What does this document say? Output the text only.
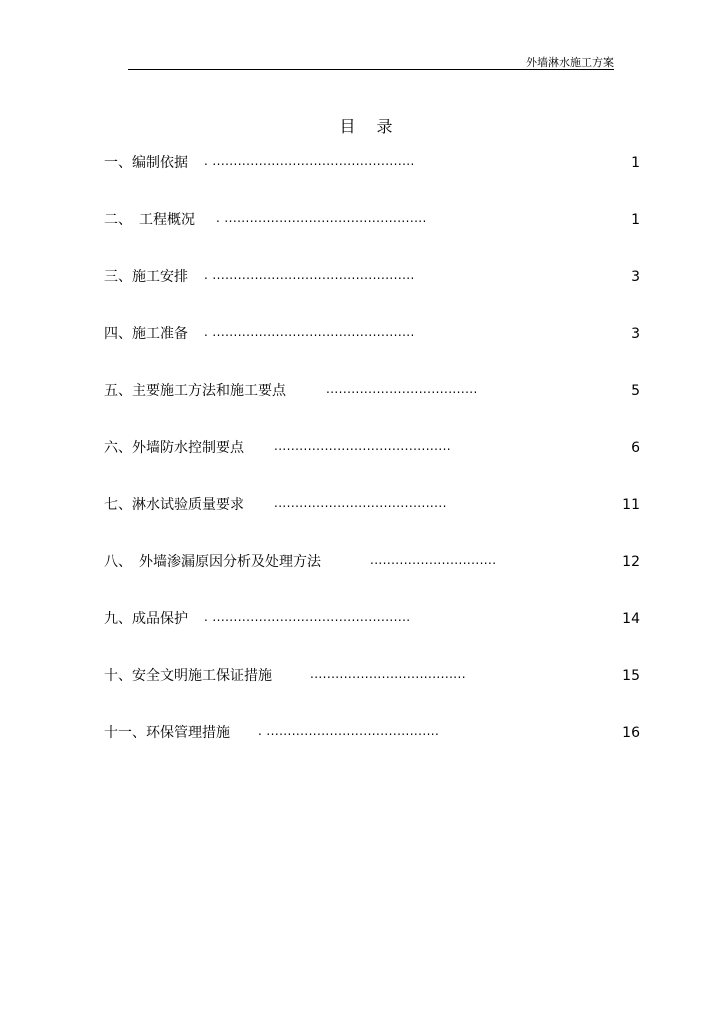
外墙淋水施工方案
目 录
一、编制依据 . ................................................	1
二、　工程概况 . ................................................	1
三、施工安排 . ................................................	3
四、施工准备 . ................................................	3
五、主要施工方法和施工要点	....................................	5
六、外墙防水控制要点	..........................................	6
七、淋水试验质量要求	.........................................	11
八、　外墙渗漏原因分析及处理方法	..............................	12
九、成品保护 . ...............................................	14
十、安全文明施工保证措施	.....................................	15
十一、环保管理措施 . .........................................	16
